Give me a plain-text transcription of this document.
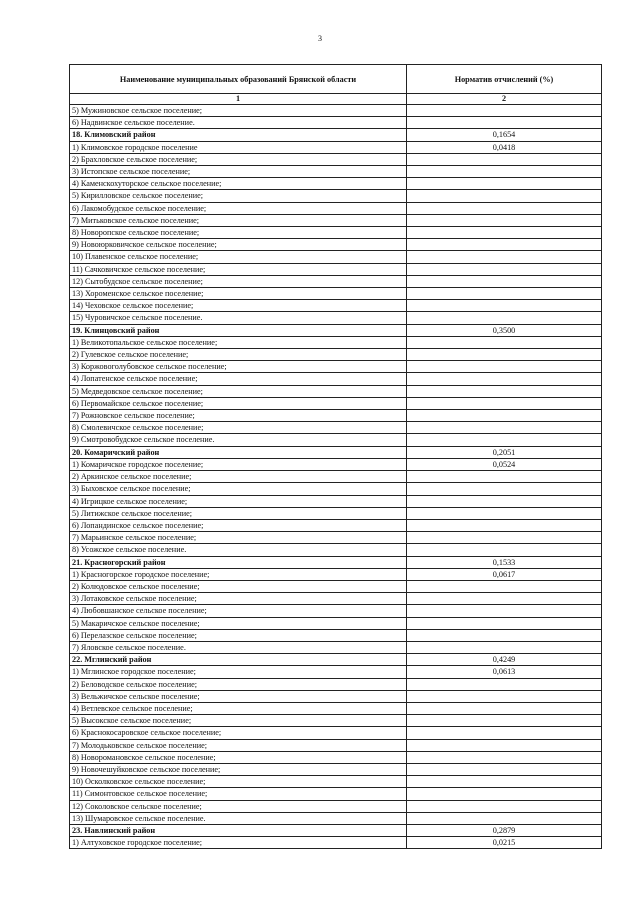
3
Наименование муниципальных образований Брянской области	Норматив отчислений (%)
1	2
5) Мужиновское сельское поселение;	
6) Надвинское сельское поселение.	
18. Климовский район	0,1654
1) Климовское городское поселение	0,0418
2) Брахловское сельское поселение;	
3) Истопское сельское поселение;	
4) Каменскохуторское сельское поселение;	
5) Кирилловское сельское поселение;	
6) Лакомобудское сельское поселение;	
7) Митьковское сельское поселение;	
8) Новоропское сельское поселение;	
9) Новоюрковичское сельское поселение;	
10) Плавенское сельское поселение;	
11) Сачковичское сельское поселение;	
12) Сытобудское сельское поселение;	
13) Хороменское сельское поселение;	
14) Чеховское сельское поселение;	
15) Чуровичское сельское поселение.	
19. Клинцовский район	0,3500
1) Великотопальское сельское поселение;	
2) Гулевское сельское поселение;	
3) Коржовоголубовское сельское поселение;	
4) Лопатенское сельское поселение;	
5) Медведовское сельское поселение;	
6) Первомайское сельское поселение;	
7) Рожновское сельское поселение;	
8) Смолевичское сельское поселение;	
9) Смотровобудское сельское поселение.	
20. Комаричский район	0,2051
1) Комаричское городское поселение;	0,0524
2) Аркинское сельское поселение;	
3) Быховское сельское поселение;	
4) Игрицкое сельское поселение;	
5) Литижское сельское поселение;	
6) Лопандинское сельское поселение;	
7) Марьинское сельское поселение;	
8) Усожское сельское поселение.	
21. Красногорский район	0,1533
1) Красногорское городское поселение;	0,0617
2) Колюдовское сельское поселение;	
3) Лотаковское сельское поселение;	
4) Любовшанское сельское поселение;	
5) Макаричское сельское поселение;	
6) Перелазское сельское поселение;	
7) Яловское сельское поселение.	
22. Мглинский район	0,4249
1) Мглинское городское поселение;	0,0613
2) Беловодское сельское поселение;	
3) Вельжичское сельское поселение;	
4) Ветлевское сельское поселение;	
5) Высокское сельское поселение;	
6) Краснокосаровское сельское поселение;	
7) Молодьковское сельское поселение;	
8) Новоромановское сельское поселение;	
9) Новочешуйковское сельское поселение;	
10) Осколковское сельское поселение;	
11) Симонтовское сельское поселение;	
12) Соколовское сельское поселение;	
13) Шумаровское сельское поселение.	
23. Навлинский район	0,2879
1) Алтуховское городское поселение;	0,0215
